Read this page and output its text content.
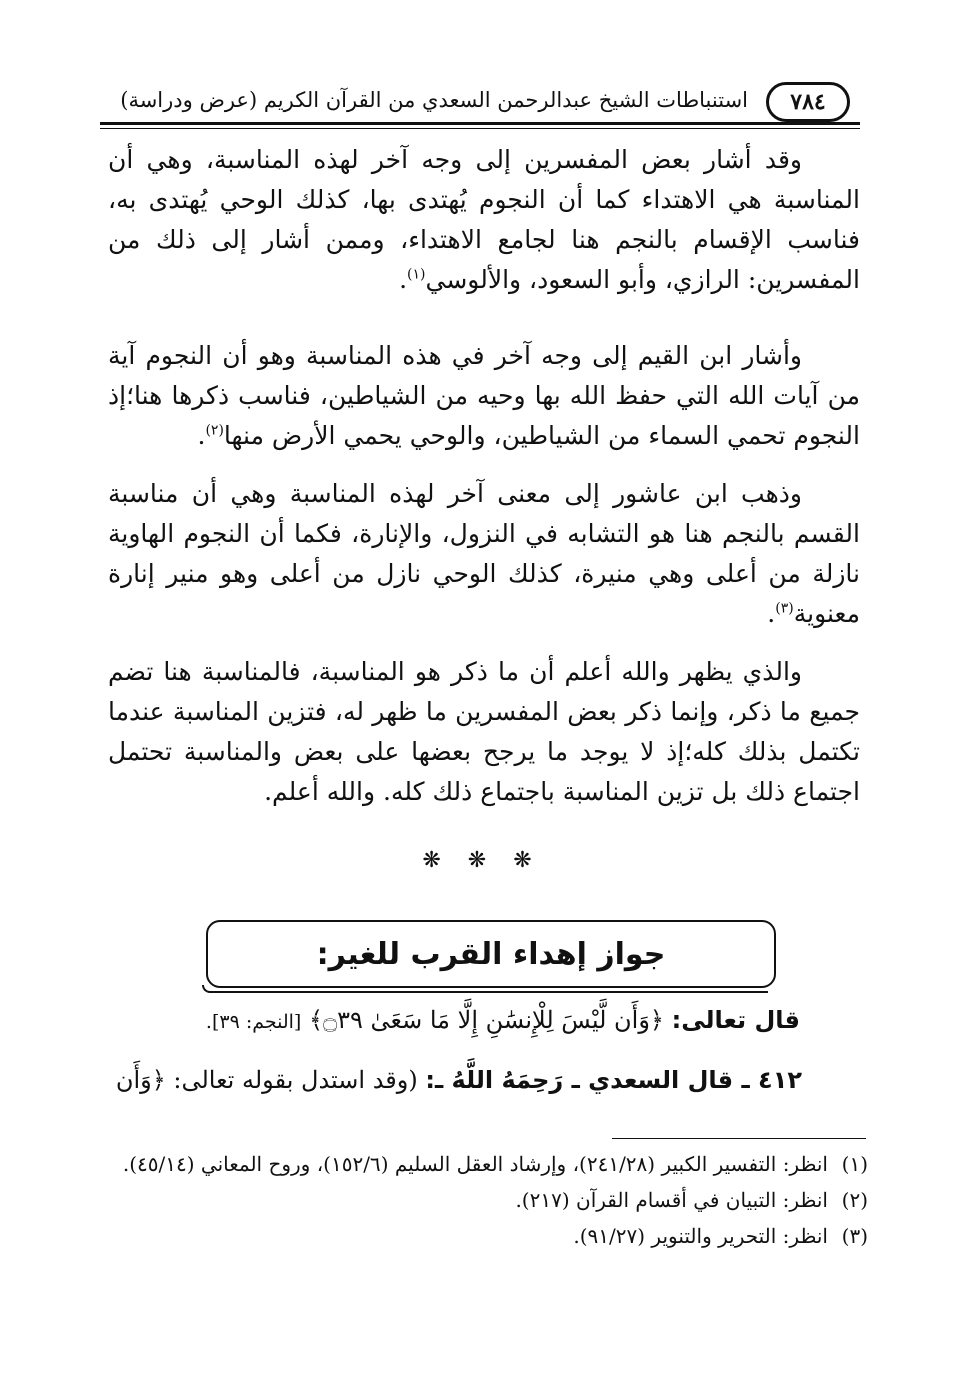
٧٨٤
استنباطات الشيخ عبدالرحمن السعدي من القرآن الكريم (عرض ودراسة)

وقد أشار بعض المفسرين إلى وجه آخر لهذه المناسبة، وهي أن المناسبة هي الاهتداء كما أن النجوم يُهتدى بها، كذلك الوحي يُهتدى به، فناسب الإقسام بالنجم هنا لجامع الاهتداء، وممن أشار إلى ذلك من المفسرين: الرازي، وأبو السعود، والألوسي$^{(١)}$.

وأشار ابن القيم إلى وجه آخر في هذه المناسبة وهو أن النجوم آية من آيات الله التي حفظ الله بها وحيه من الشياطين، فناسب ذكرها هنا؛إذ النجوم تحمي السماء من الشياطين، والوحي يحمي الأرض منها$^{(٢)}$.

وذهب ابن عاشور إلى معنى آخر لهذه المناسبة وهي أن مناسبة القسم بالنجم هنا هو التشابه في النزول، والإنارة، فكما أن النجوم الهاوية نازلة من أعلى وهي منيرة، كذلك الوحي نازل من أعلى وهو منير إنارة معنوية$^{(٣)}$.

والذي يظهر والله أعلم أن ما ذكر هو المناسبة، فالمناسبة هنا تضم جميع ما ذكر، وإنما ذكر بعض المفسرين ما ظهر له، فتزين المناسبة عندما تكتمل بذلك كله؛إذ لا يوجد ما يرجح بعضها على بعض والمناسبة تحتمل اجتماع ذلك بل تزين المناسبة باجتماع ذلك كله. والله أعلم.

❋ ❋ ❋
جواز إهداء القرب للغير:
قال تعالى: ﴿وَأَن لَّيْسَ لِلْإِنسَٰنِ إِلَّا مَا سَعَىٰ ۝٣٩﴾ [النجم: ٣٩].
٤١٢ ـ قال السعدي ـ رَحِمَهُ اللَّهُ ـ: (وقد استدل بقوله تعالى: ﴿وَأَن
(١)
انظر: التفسير الكبير (٢٤١/٢٨)، وإرشاد العقل السليم (١٥٢/٦)، وروح المعاني (٤٥/١٤).
(٢)
انظر: التبيان في أقسام القرآن (٢١٧).
(٣)
انظر: التحرير والتنوير (٩١/٢٧).
